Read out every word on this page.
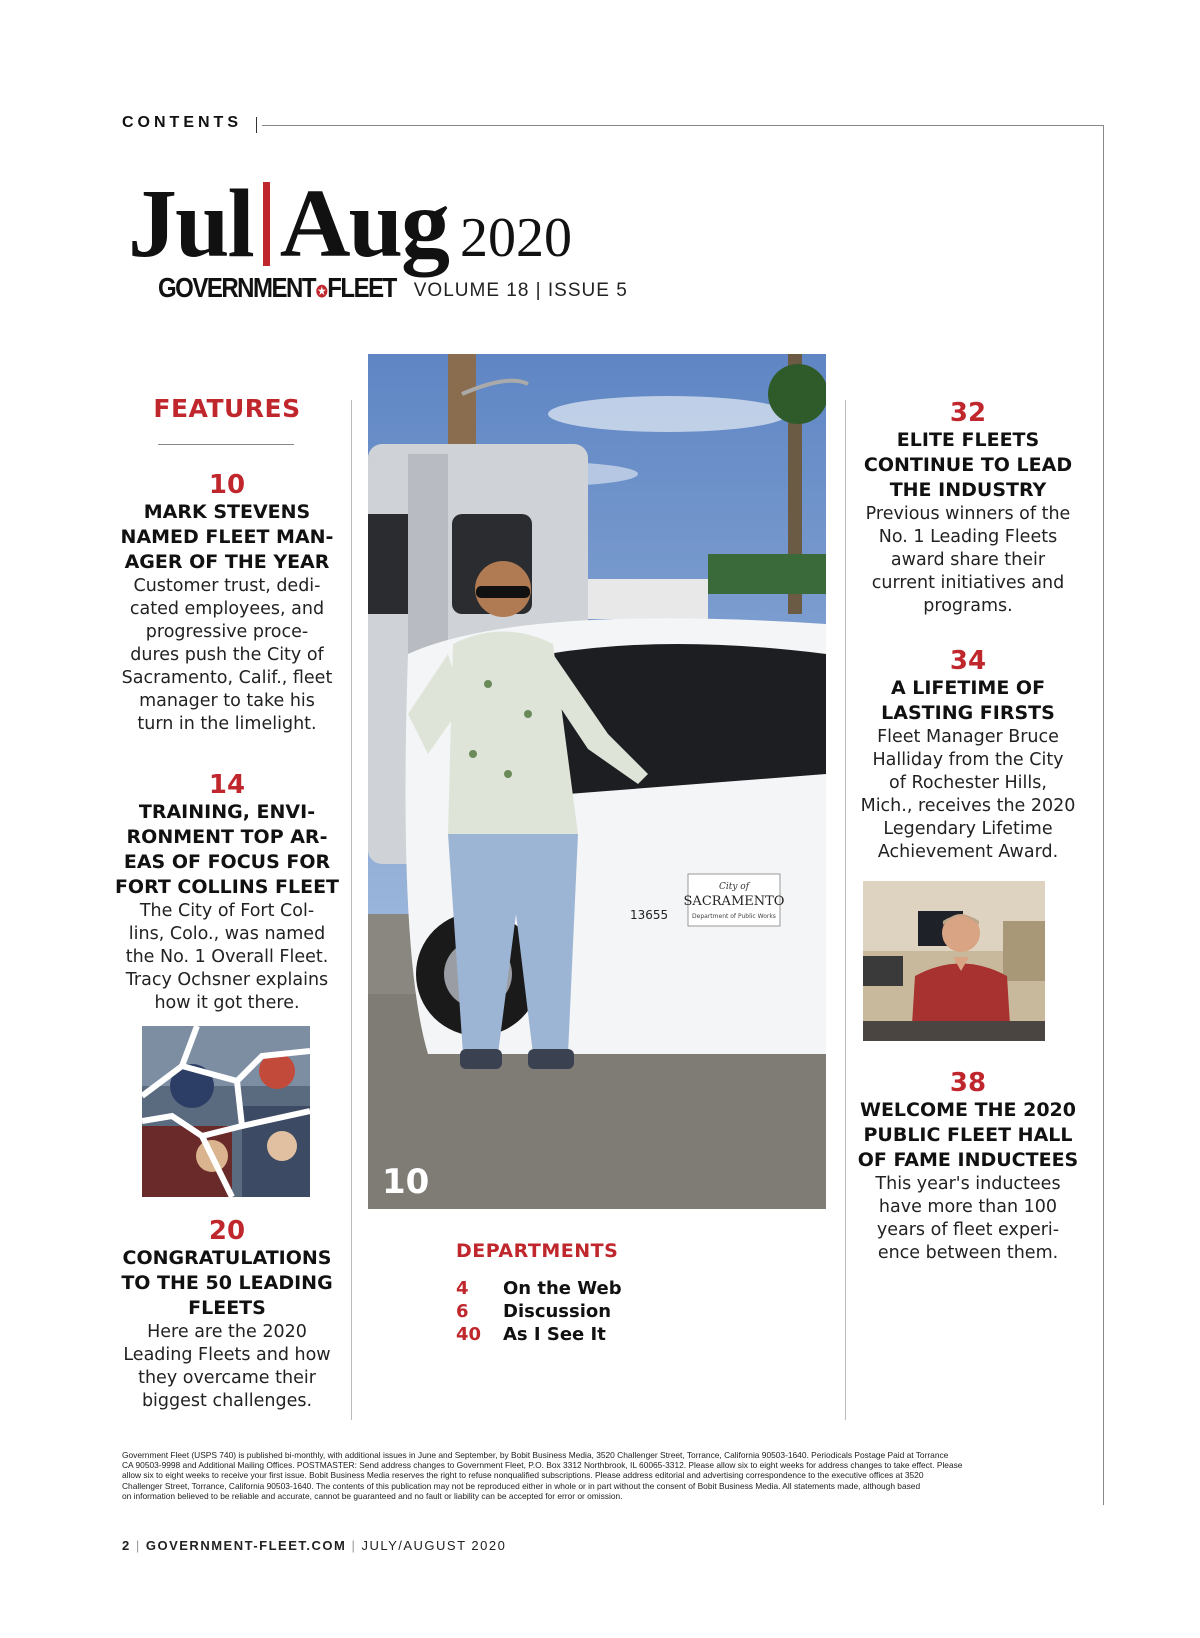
CONTENTS
Jul Aug 2020
GOVERNMENT✪FLEET VOLUME 18 | ISSUE 5
FEATURES
10
MARK STEVENS
NAMED FLEET MAN-
AGER OF THE YEAR
Customer trust, dedi-
cated employees, and
progressive proce-
dures push the City of
Sacramento, Calif., fleet
manager to take his
turn in the limelight.
14
TRAINING, ENVI-
RONMENT TOP AR-
EAS OF FOCUS FOR
FORT COLLINS FLEET
The City of Fort Col-
lins, Colo., was named
the No. 1 Overall Fleet.
Tracy Ochsner explains
how it got there.
20
CONGRATULATIONS
TO THE 50 LEADING
FLEETS
Here are the 2020
Leading Fleets and how
they overcame their
biggest challenges.
City of
SACRAMENTO
Department of Public Works
13655
10
DEPARTMENTS
4	On the Web
6	Discussion
40	As I See It
32
ELITE FLEETS
CONTINUE TO LEAD
THE INDUSTRY
Previous winners of the
No. 1 Leading Fleets
award share their
current initiatives and
programs.
34
A LIFETIME OF
LASTING FIRSTS
Fleet Manager Bruce
Halliday from the City
of Rochester Hills,
Mich., receives the 2020
Legendary Lifetime
Achievement Award.
38
WELCOME THE 2020
PUBLIC FLEET HALL
OF FAME INDUCTEES
This year's inductees
have more than 100
years of fleet experi-
ence between them.
Government Fleet (USPS 740) is published bi-monthly, with additional issues in June and September, by Bobit Business Media, 3520 Challenger Street, Torrance, California 90503-1640. Periodicals Postage Paid at Torrance
CA 90503-9998 and Additional Mailing Offices. POSTMASTER: Send address changes to Government Fleet, P.O. Box 3312 Northbrook, IL 60065-3312. Please allow six to eight weeks for address changes to take effect. Please
allow six to eight weeks to receive your first issue. Bobit Business Media reserves the right to refuse nonqualified subscriptions. Please address editorial and advertising correspondence to the executive offices at 3520
Challenger Street, Torrance, California 90503-1640. The contents of this publication may not be reproduced either in whole or in part without the consent of Bobit Business Media. All statements made, although based
on information believed to be reliable and accurate, cannot be guaranteed and no fault or liability can be accepted for error or omission.
2 | GOVERNMENT-FLEET.COM | JULY/AUGUST 2020
